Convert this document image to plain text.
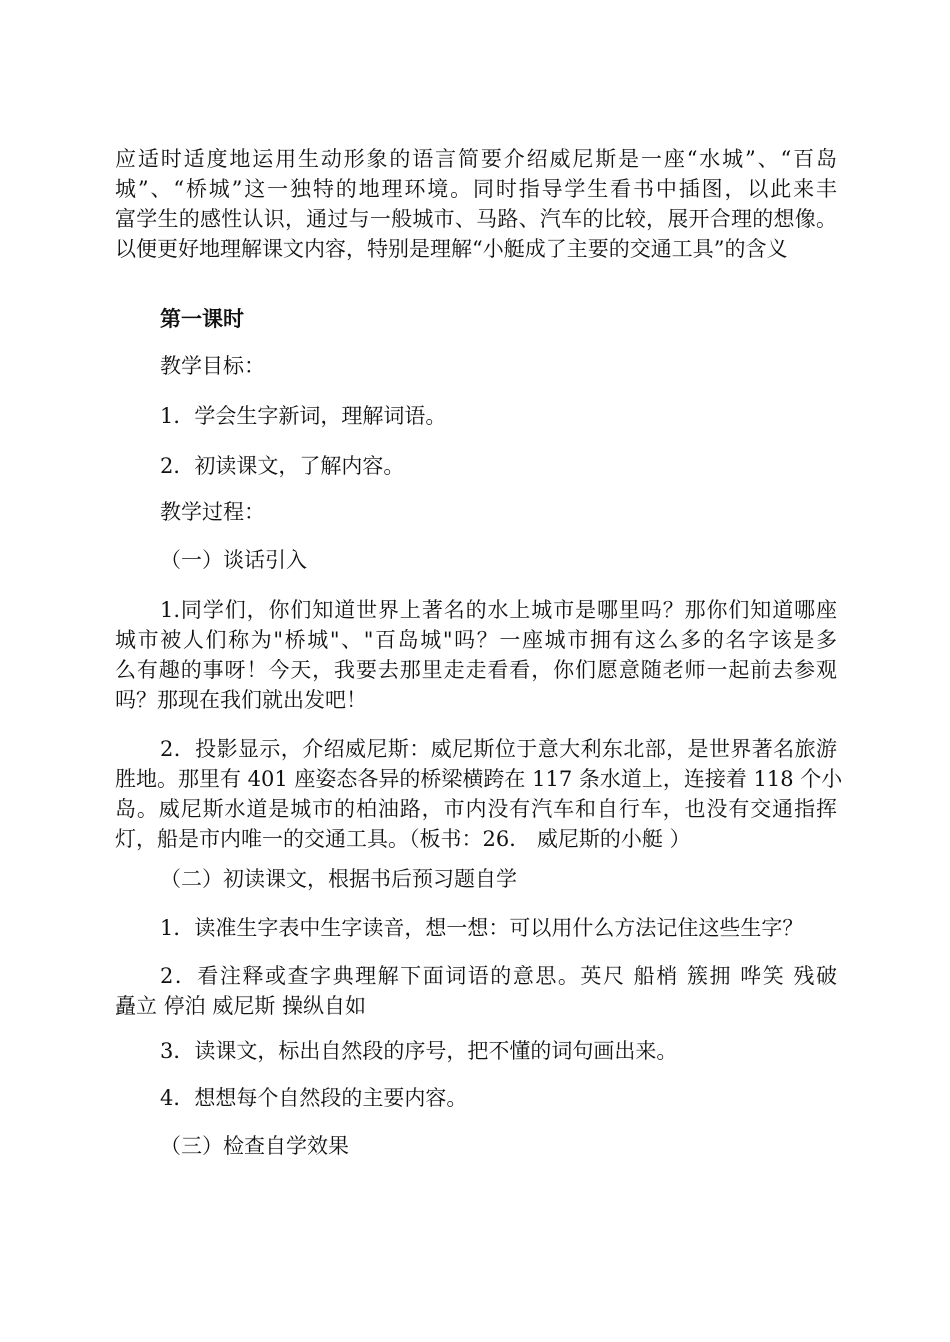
应适时适度地运用生动形象的语言简要介绍威尼斯是一座“水城”、“百岛
城”、“桥城”这一独特的地理环境。同时指导学生看书中插图，以此来丰
富学生的感性认识，通过与一般城市、马路、汽车的比较，展开合理的想像。
以便更好地理解课文内容，特别是理解“小艇成了主要的交通工具”的含义
第一课时
教学目标：
1．学会生字新词，理解词语。
2．初读课文，了解内容。
教学过程：
（一）谈话引入
1.同学们，你们知道世界上著名的水上城市是哪里吗？那你们知道哪座
城市被人们称为"桥城"、"百岛城"吗？一座城市拥有这么多的名字该是多
么有趣的事呀！今天，我要去那里走走看看，你们愿意随老师一起前去参观
吗？那现在我们就出发吧！
2．投影显示，介绍威尼斯：威尼斯位于意大利东北部，是世界著名旅游
胜地。那里有 401 座姿态各异的桥梁横跨在 117 条水道上，连接着 118 个小
岛。威尼斯水道是城市的柏油路，市内没有汽车和自行车，也没有交通指挥
灯，船是市内唯一的交通工具。（板书：26． 威尼斯的小艇 ）
（二）初读课文，根据书后预习题自学
1．读准生字表中生字读音，想一想：可以用什么方法记住这些生字？
2．看注释或查字典理解下面词语的意思。英尺 船梢 簇拥 哗笑 残破
矗立 停泊 威尼斯 操纵自如
3．读课文，标出自然段的序号，把不懂的词句画出来。
4．想想每个自然段的主要内容。
（三）检查自学效果
